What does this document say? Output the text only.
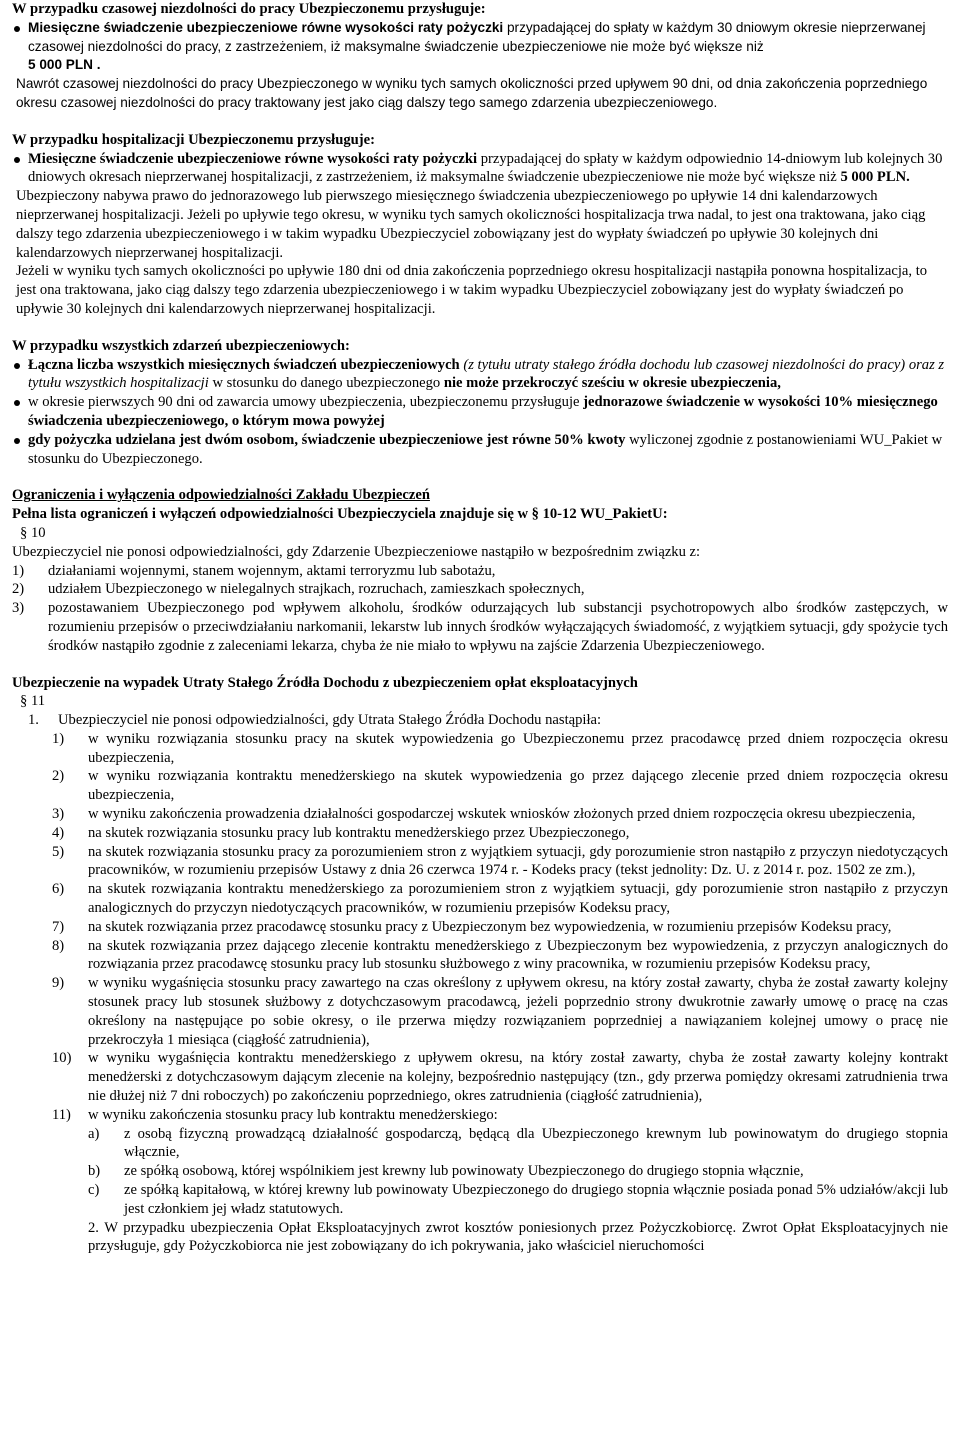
W przypadku czasowej niezdolności do pracy Ubezpieczonemu przysługuje:

Miesięczne świadczenie ubezpieczeniowe równe wysokości raty pożyczki przypadającej do spłaty w każdym 30 dniowym okresie nieprzerwanej czasowej niezdolności do pracy, z zastrzeżeniem, iż maksymalne świadczenie ubezpieczeniowe nie może być większe niż
5 000 PLN .

Nawrót czasowej niezdolności do pracy Ubezpieczonego w wyniku tych samych okoliczności przed upływem 90 dni, od dnia zakończenia poprzedniego okresu czasowej niezdolności do pracy traktowany jest jako ciąg dalszy tego samego zdarzenia ubezpieczeniowego.

W przypadku hospitalizacji Ubezpieczonemu przysługuje:

Miesięczne świadczenie ubezpieczeniowe równe wysokości raty pożyczki przypadającej do spłaty w każdym odpowiednio 14-dniowym lub kolejnych 30 dniowych okresach nieprzerwanej hospitalizacji, z zastrzeżeniem, iż maksymalne świadczenie ubezpieczeniowe nie może być większe niż 5 000 PLN.

Ubezpieczony nabywa prawo do jednorazowego lub pierwszego miesięcznego świadczenia ubezpieczeniowego po upływie 14 dni kalendarzowych nieprzerwanej hospitalizacji. Jeżeli po upływie tego okresu, w wyniku tych samych okoliczności hospitalizacja trwa nadal, to jest ona traktowana, jako ciąg dalszy tego zdarzenia ubezpieczeniowego i w takim wypadku Ubezpieczyciel zobowiązany jest do wypłaty świadczeń po upływie 30 kolejnych dni kalendarzowych nieprzerwanej hospitalizacji.

Jeżeli w wyniku tych samych okoliczności po upływie 180 dni od dnia zakończenia poprzedniego okresu hospitalizacji nastąpiła ponowna hospitalizacja, to jest ona traktowana, jako ciąg dalszy tego zdarzenia ubezpieczeniowego i w takim wypadku Ubezpieczyciel zobowiązany jest do wypłaty świadczeń po upływie 30 kolejnych dni kalendarzowych nieprzerwanej hospitalizacji.

W przypadku wszystkich zdarzeń ubezpieczeniowych:

Łączna liczba wszystkich miesięcznych świadczeń ubezpieczeniowych (z tytułu utraty stałego źródła dochodu lub czasowej niezdolności do pracy) oraz z tytułu wszystkich hospitalizacji w stosunku do danego ubezpieczonego nie może przekroczyć sześciu w okresie ubezpieczenia,
w okresie pierwszych 90 dni od zawarcia umowy ubezpieczenia, ubezpieczonemu przysługuje jednorazowe świadczenie w wysokości 10% miesięcznego świadczenia ubezpieczeniowego, o którym mowa powyżej
gdy pożyczka udzielana jest dwóm osobom, świadczenie ubezpieczeniowe jest równe 50% kwoty wyliczonej zgodnie z postanowieniami WU_Pakiet w stosunku do Ubezpieczonego.

Ograniczenia i wyłączenia odpowiedzialności Zakładu Ubezpieczeń

Pełna lista ograniczeń i wyłączeń odpowiedzialności Ubezpieczyciela znajduje się w § 10-12 WU_PakietU:

§ 10

Ubezpieczyciel nie ponosi odpowiedzialności, gdy Zdarzenie Ubezpieczeniowe nastąpiło w bezpośrednim związku z:

1)	działaniami wojennymi, stanem wojennym, aktami terroryzmu lub sabotażu,
2)	udziałem Ubezpieczonego w nielegalnych strajkach, rozruchach, zamieszkach społecznych,
3)	pozostawaniem Ubezpieczonego pod wpływem alkoholu, środków odurzających lub substancji psychotropowych albo środków zastępczych, w rozumieniu przepisów o przeciwdziałaniu narkomanii, lekarstw lub innych środków wyłączających świadomość, z wyjątkiem sytuacji, gdy spożycie tych środków nastąpiło zgodnie z zaleceniami lekarza, chyba że nie miało to wpływu na zajście Zdarzenia Ubezpieczeniowego.

Ubezpieczenie na wypadek Utraty Stałego Źródła Dochodu z ubezpieczeniem opłat eksploatacyjnych

§ 11

1.	Ubezpieczyciel nie ponosi odpowiedzialności, gdy Utrata Stałego Źródła Dochodu nastąpiła:
1)	w wyniku rozwiązania stosunku pracy na skutek wypowiedzenia go Ubezpieczonemu przez pracodawcę przed dniem rozpoczęcia okresu ubezpieczenia,
2)	w wyniku rozwiązania kontraktu menedżerskiego na skutek wypowiedzenia go przez dającego zlecenie przed dniem rozpoczęcia okresu ubezpieczenia,
3)	w wyniku zakończenia prowadzenia działalności gospodarczej wskutek wniosków złożonych przed dniem rozpoczęcia okresu ubezpieczenia,
4)	na skutek rozwiązania stosunku pracy lub kontraktu menedżerskiego przez Ubezpieczonego,
5)	na skutek rozwiązania stosunku pracy za porozumieniem stron z wyjątkiem sytuacji, gdy porozumienie stron nastąpiło z przyczyn niedotyczących pracowników, w rozumieniu przepisów Ustawy z dnia 26 czerwca 1974 r. - Kodeks pracy (tekst jednolity: Dz. U. z 2014 r. poz. 1502 ze zm.),
6)	na skutek rozwiązania kontraktu menedżerskiego za porozumieniem stron z wyjątkiem sytuacji, gdy porozumienie stron nastąpiło z przyczyn analogicznych do przyczyn niedotyczących pracowników, w rozumieniu przepisów Kodeksu pracy,
7)	na skutek rozwiązania przez pracodawcę stosunku pracy z Ubezpieczonym bez wypowiedzenia, w rozumieniu przepisów Kodeksu pracy,
8)	na skutek rozwiązania przez dającego zlecenie kontraktu menedżerskiego z Ubezpieczonym bez wypowiedzenia, z przyczyn analogicznych do rozwiązania przez pracodawcę stosunku pracy lub stosunku służbowego z winy pracownika, w rozumieniu przepisów Kodeksu pracy,
9)	w wyniku wygaśnięcia stosunku pracy zawartego na czas określony z upływem okresu, na który został zawarty, chyba że został zawarty kolejny stosunek pracy lub stosunek służbowy z dotychczasowym pracodawcą, jeżeli poprzednio strony dwukrotnie zawarły umowę o pracę na czas określony na następujące po sobie okresy, o ile przerwa między rozwiązaniem poprzedniej a nawiązaniem kolejnej umowy o pracę nie przekroczyła 1 miesiąca (ciągłość zatrudnienia),
10)	w wyniku wygaśnięcia kontraktu menedżerskiego z upływem okresu, na który został zawarty, chyba że został zawarty kolejny kontrakt menedżerski z dotychczasowym dającym zlecenie na kolejny, bezpośrednio następujący (tzn., gdy przerwa pomiędzy okresami zatrudnienia trwa nie dłużej niż 7 dni roboczych) po zakończeniu poprzedniego, okres zatrudnienia (ciągłość zatrudnienia),
11)	w wyniku zakończenia stosunku pracy lub kontraktu menedżerskiego:
a)	z osobą fizyczną prowadzącą działalność gospodarczą, będącą dla Ubezpieczonego krewnym lub powinowatym do drugiego stopnia włącznie,
b)	ze spółką osobową, której wspólnikiem jest krewny lub powinowaty Ubezpieczonego do drugiego stopnia włącznie,
c)	ze spółką kapitałową, w której krewny lub powinowaty Ubezpieczonego do drugiego stopnia włącznie posiada ponad 5% udziałów/akcji lub jest członkiem jej władz statutowych.

2. W przypadku ubezpieczenia Opłat Eksploatacyjnych zwrot kosztów poniesionych przez Pożyczkobiorcę. Zwrot Opłat Eksploatacyjnych nie przysługuje, gdy Pożyczkobiorca nie jest zobowiązany do ich pokrywania, jako właściciel nieruchomości
